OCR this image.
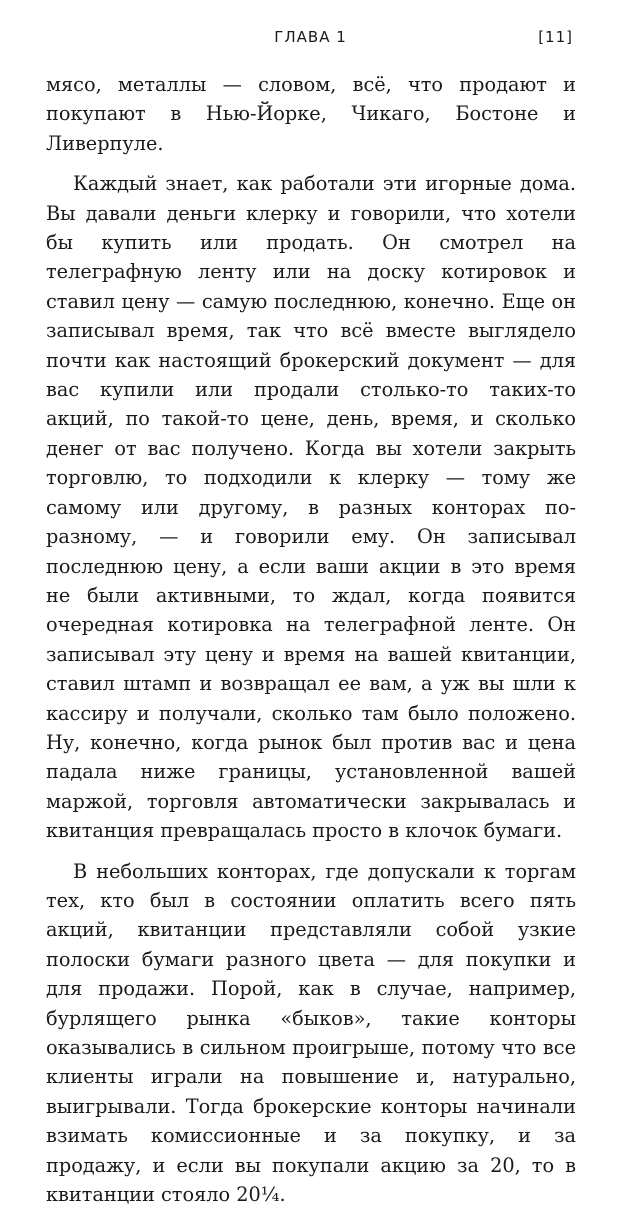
ГЛАВА 1	[11]

мясо, металлы — словом, всё, что продают и покупают в Нью-Йорке, Чикаго, Бостоне и Ливерпуле.

Каждый знает, как работали эти игорные дома. Вы давали деньги клерку и говорили, что хотели бы купить или продать. Он смотрел на телеграфную ленту или на доску котировок и ставил цену — самую последнюю, конечно. Еще он записывал время, так что всё вместе выглядело почти как настоящий брокерский документ — для вас купили или продали столько-то таких-то акций, по такой-то цене, день, время, и сколько денег от вас получено. Когда вы хотели закрыть торговлю, то подходили к клерку — тому же самому или другому, в разных конторах по-разному, — и говорили ему. Он записывал последнюю цену, а если ваши акции в это время не были активными, то ждал, когда появится очередная котировка на телеграфной ленте. Он записывал эту цену и время на вашей квитанции, ставил штамп и возвращал ее вам, а уж вы шли к кассиру и получали, сколько там было положено. Ну, конечно, когда рынок был против вас и цена падала ниже границы, установленной вашей маржой, торговля автоматически закрывалась и квитанция превращалась просто в клочок бумаги.

В небольших конторах, где допускали к торгам тех, кто был в состоянии оплатить всего пять акций, квитанции представляли собой узкие полоски бумаги разного цвета — для покупки и для продажи. Порой, как в случае, например, бурлящего рынка «быков», такие конторы оказывались в сильном проигрыше, потому что все клиенты играли на повышение и, натурально, выигрывали. Тогда брокерские конторы начинали взимать комиссионные и за покупку, и за продажу, и если вы покупали акцию за 20, то в квитанции стояло 20¼.
